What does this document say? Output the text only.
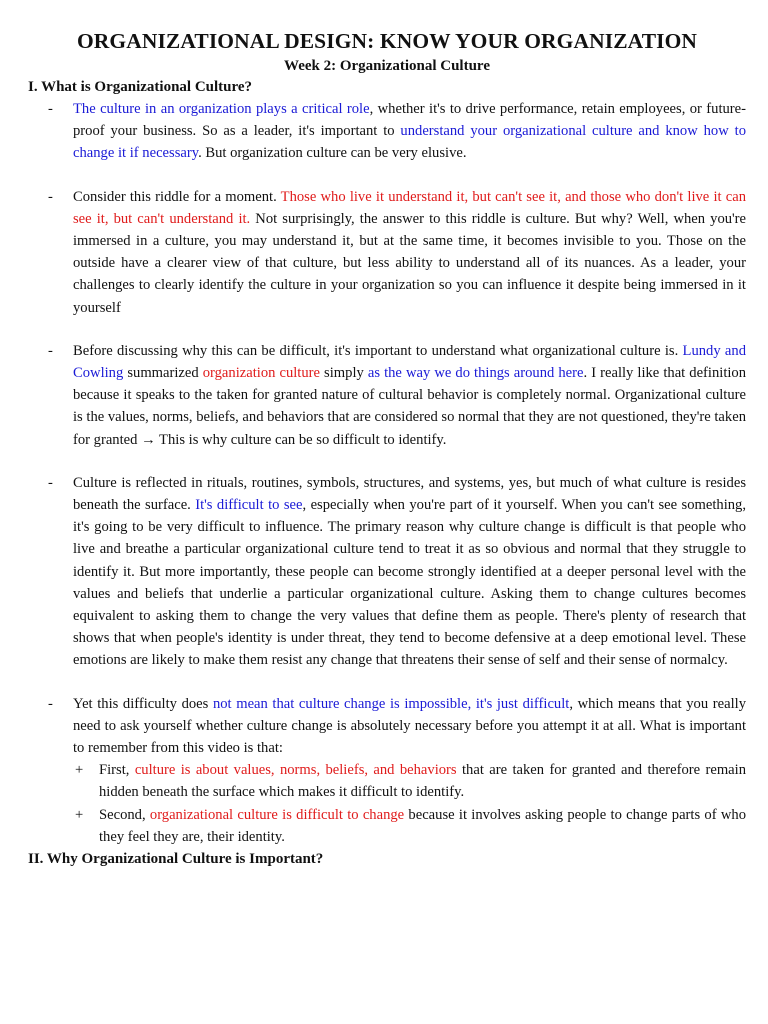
ORGANIZATIONAL DESIGN: KNOW YOUR ORGANIZATION
Week 2: Organizational Culture
I. What is Organizational Culture?
- The culture in an organization plays a critical role, whether it's to drive performance, retain employees, or future-proof your business. So as a leader, it's important to understand your organizational culture and know how to change it if necessary. But organization culture can be very elusive.
- Consider this riddle for a moment. Those who live it understand it, but can't see it, and those who don't live it can see it, but can't understand it. Not surprisingly, the answer to this riddle is culture. But why? Well, when you're immersed in a culture, you may understand it, but at the same time, it becomes invisible to you. Those on the outside have a clearer view of that culture, but less ability to understand all of its nuances. As a leader, your challenges to clearly identify the culture in your organization so you can influence it despite being immersed in it yourself
- Before discussing why this can be difficult, it's important to understand what organizational culture is. Lundy and Cowling summarized organization culture simply as the way we do things around here. I really like that definition because it speaks to the taken for granted nature of cultural behavior is completely normal. Organizational culture is the values, norms, beliefs, and behaviors that are considered so normal that they are not questioned, they're taken for granted → This is why culture can be so difficult to identify.
- Culture is reflected in rituals, routines, symbols, structures, and systems, yes, but much of what culture is resides beneath the surface. It's difficult to see, especially when you're part of it yourself. When you can't see something, it's going to be very difficult to influence. The primary reason why culture change is difficult is that people who live and breathe a particular organizational culture tend to treat it as so obvious and normal that they struggle to identify it. But more importantly, these people can become strongly identified at a deeper personal level with the values and beliefs that underlie a particular organizational culture. Asking them to change cultures becomes equivalent to asking them to change the very values that define them as people. There's plenty of research that shows that when people's identity is under threat, they tend to become defensive at a deep emotional level. These emotions are likely to make them resist any change that threatens their sense of self and their sense of normalcy.
- Yet this difficulty does not mean that culture change is impossible, it's just difficult, which means that you really need to ask yourself whether culture change is absolutely necessary before you attempt it at all. What is important to remember from this video is that:
+ First, culture is about values, norms, beliefs, and behaviors that are taken for granted and therefore remain hidden beneath the surface which makes it difficult to identify.
+ Second, organizational culture is difficult to change because it involves asking people to change parts of who they feel they are, their identity.
II. Why Organizational Culture is Important?
